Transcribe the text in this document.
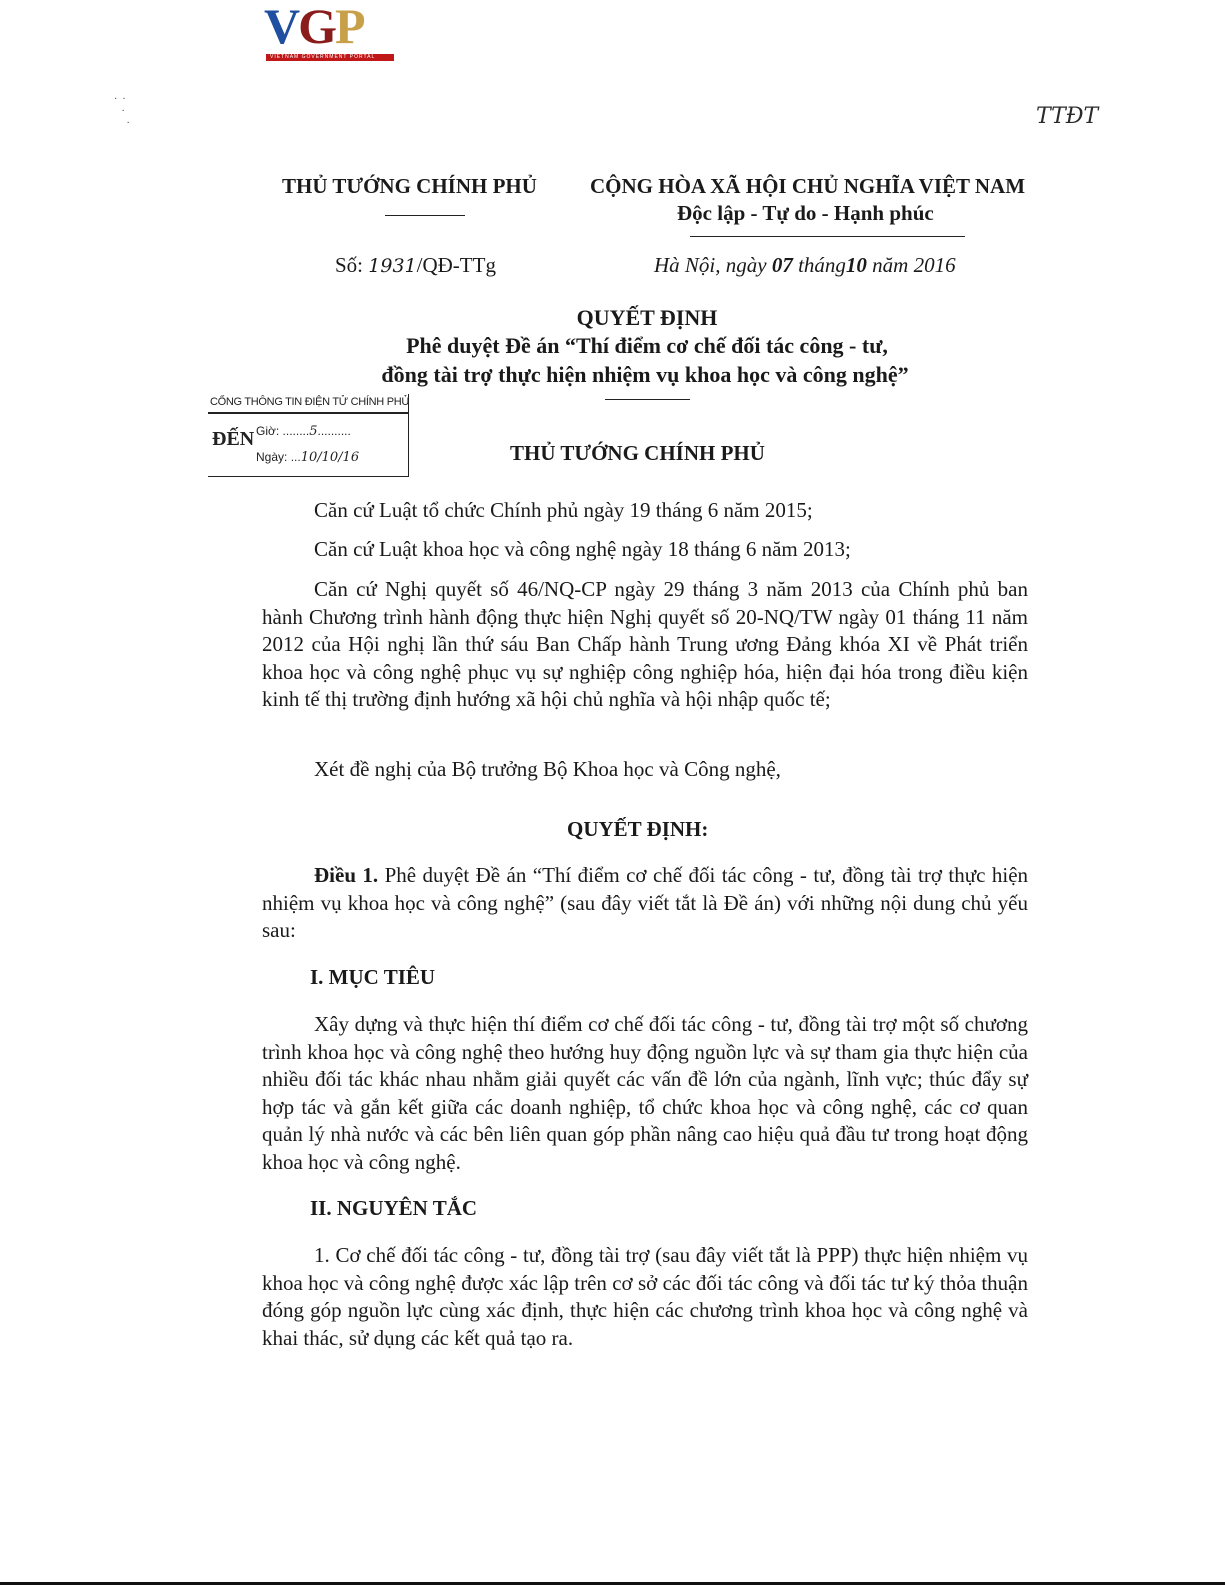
VGP
VIETNAM GOVERNMENT PORTAL
·  ·
·
·	TTĐT
THỦ TƯỚNG CHÍNH PHỦ	CỘNG HÒA XÃ HỘI CHỦ NGHĨA VIỆT NAM
Độc lập - Tự do - Hạnh phúc
Số: 1931/QĐ-TTg	Hà Nội, ngày 07 tháng10 năm 2016
QUYẾT ĐỊNH
Phê duyệt Đề án “Thí điểm cơ chế đối tác công - tư,
đồng tài trợ thực hiện nhiệm vụ khoa học và công nghệ”
CỔNG THÔNG TIN ĐIỆN TỬ CHÍNH PHỦ
ĐẾN Giờ: ........5..........
Ngày: ...10/10/16	THỦ TƯỚNG CHÍNH PHỦ

Căn cứ Luật tổ chức Chính phủ ngày 19 tháng 6 năm 2015;

Căn cứ Luật khoa học và công nghệ ngày 18 tháng 6 năm 2013;

Căn cứ Nghị quyết số 46/NQ-CP ngày 29 tháng 3 năm 2013 của Chính phủ ban hành Chương trình hành động thực hiện Nghị quyết số 20-NQ/TW ngày 01 tháng 11 năm 2012 của Hội nghị lần thứ sáu Ban Chấp hành Trung ương Đảng khóa XI về Phát triển khoa học và công nghệ phục vụ sự nghiệp công nghiệp hóa, hiện đại hóa trong điều kiện kinh tế thị trường định hướng xã hội chủ nghĩa và hội nhập quốc tế;

Xét đề nghị của Bộ trưởng Bộ Khoa học và Công nghệ,

QUYẾT ĐỊNH:

Điều 1. Phê duyệt Đề án “Thí điểm cơ chế đối tác công - tư, đồng tài trợ thực hiện nhiệm vụ khoa học và công nghệ” (sau đây viết tắt là Đề án) với những nội dung chủ yếu sau:

I. MỤC TIÊU

Xây dựng và thực hiện thí điểm cơ chế đối tác công - tư, đồng tài trợ một số chương trình khoa học và công nghệ theo hướng huy động nguồn lực và sự tham gia thực hiện của nhiều đối tác khác nhau nhằm giải quyết các vấn đề lớn của ngành, lĩnh vực; thúc đẩy sự hợp tác và gắn kết giữa các doanh nghiệp, tổ chức khoa học và công nghệ, các cơ quan quản lý nhà nước và các bên liên quan góp phần nâng cao hiệu quả đầu tư trong hoạt động khoa học và công nghệ.

II. NGUYÊN TẮC

1. Cơ chế đối tác công - tư, đồng tài trợ (sau đây viết tắt là PPP) thực hiện nhiệm vụ khoa học và công nghệ được xác lập trên cơ sở các đối tác công và đối tác tư ký thỏa thuận đóng góp nguồn lực cùng xác định, thực hiện các chương trình khoa học và công nghệ và khai thác, sử dụng các kết quả tạo ra.
